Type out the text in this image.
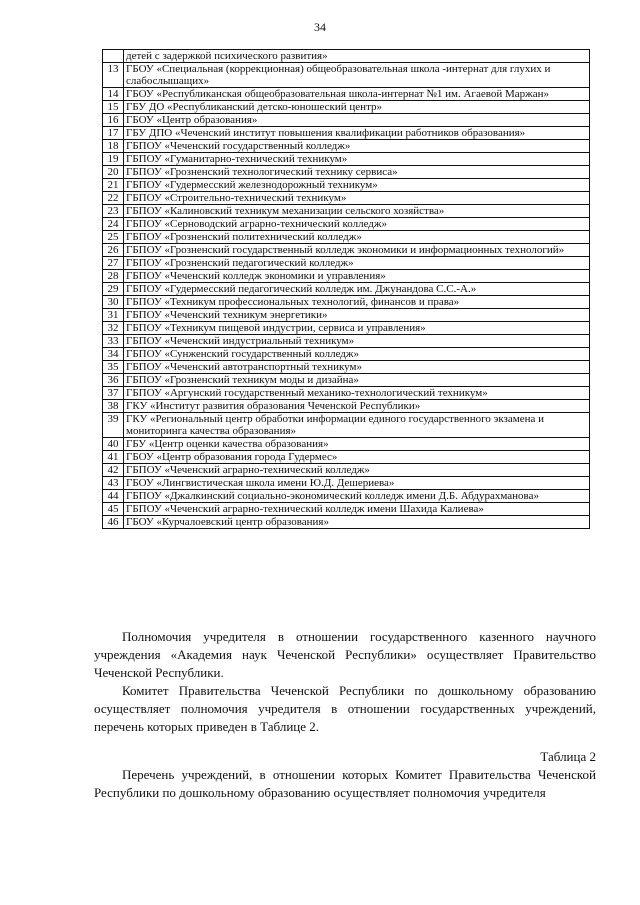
34
	детей с задержкой психического развития»
13	ГБОУ «Специальная (коррекционная) общеобразовательная школа -интернат для глухих и слабослышащих»
14	ГБОУ «Республиканская общеобразовательная школа-интернат №1 им. Агаевой Маржан»
15	ГБУ ДО «Республиканский детско-юношеский центр»
16	ГБОУ «Центр образования»
17	ГБУ ДПО «Чеченский институт повышения квалификации работников образования»
18	ГБПОУ «Чеченский государственный колледж»
19	ГБПОУ «Гуманитарно-технический техникум»
20	ГБПОУ «Грозненский технологический технику сервиса»
21	ГБПОУ «Гудермесский железнодорожный техникум»
22	ГБПОУ «Строительно-технический техникум»
23	ГБПОУ «Калиновский техникум механизации сельского хозяйства»
24	ГБПОУ «Серноводский аграрно-технический колледж»
25	ГБПОУ «Грозненский политехнический колледж»
26	ГБПОУ «Грозненский государственный колледж экономики и информационных технологий»
27	ГБПОУ «Грозненский педагогический колледж»
28	ГБПОУ «Чеченский колледж экономики и управления»
29	ГБПОУ «Гудермесский педагогический колледж им. Джунандова С.С.-А.»
30	ГБПОУ «Техникум профессиональных технологий, финансов и права»
31	ГБПОУ «Чеченский техникум энергетики»
32	ГБПОУ «Техникум пищевой индустрии, сервиса и управления»
33	ГБПОУ «Чеченский индустриальный техникум»
34	ГБПОУ «Сунженский государственный колледж»
35	ГБПОУ «Чеченский автотранспортный техникум»
36	ГБПОУ «Грозненский техникум моды и дизайна»
37	ГБПОУ «Аргунский государственный механико-технологический техникум»
38	ГКУ «Институт развития образования Чеченской Республики»
39	ГКУ «Региональный центр обработки информации единого государственного экзамена и мониторинга качества образования»
40	ГБУ «Центр оценки качества образования»
41	ГБОУ «Центр образования города Гудермес»
42	ГБПОУ «Чеченский аграрно-технический колледж»
43	ГБОУ «Лингвистическая школа имени Ю.Д. Дешериева»
44	ГБПОУ «Джалкинский социально-экономический колледж имени Д.Б. Абдурахманова»
45	ГБПОУ «Чеченский аграрно-технический колледж имени Шахида Калиева»
46	ГБОУ «Курчалоевский центр образования»

Полномочия учредителя в отношении государственного казенного научного учреждения «Академия наук Чеченской Республики» осуществляет Правительство Чеченской Республики.

Комитет Правительства Чеченской Республики по дошкольному образованию осуществляет полномочия учредителя в отношении государственных учреждений, перечень которых приведен в Таблице 2.

Таблица 2

Перечень учреждений, в отношении которых Комитет Правительства Чеченской Республики по дошкольному образованию осуществляет полномочия учредителя
